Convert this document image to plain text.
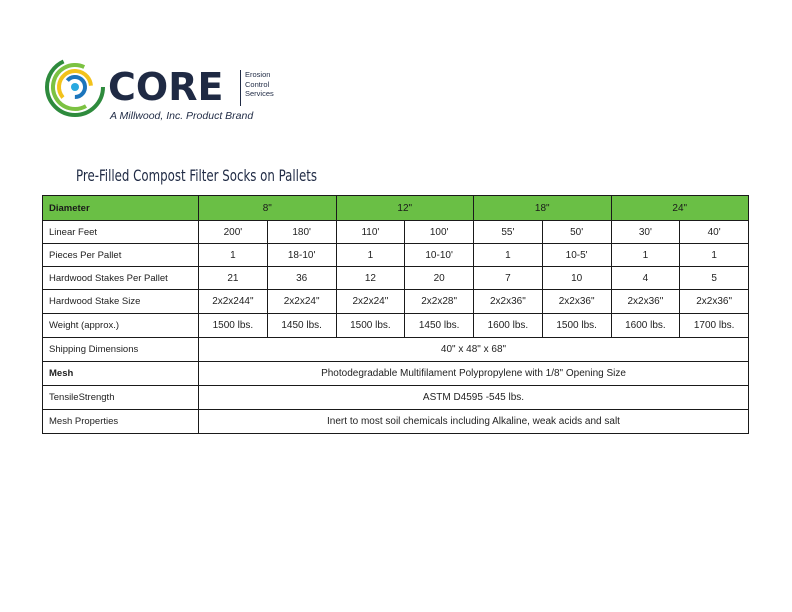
CORE	Erosion
Control
Services
A Millwood, Inc. Product Brand
Pre-Filled Compost Filter Socks on Pallets
Diameter	8"		12"		18"		24"	
Linear Feet	200'	180'	110'	100'	55'	50'	30'	40'
Pieces Per Pallet	1	18-10'	1	10-10'	1	10-5'	1	1
Hardwood Stakes Per Pallet	21	36	12	20	7	10	4	5
Hardwood Stake Size	2x2x244"	2x2x24"	2x2x24"	2x2x28"	2x2x36"	2x2x36"	2x2x36"	2x2x36"
Weight (approx.)	1500 lbs.	1450 lbs.	1500 lbs.	1450 lbs.	1600 lbs.	1500 lbs.	1600 lbs.	1700 lbs.
Shipping Dimensions	40" x 48" x 68"							
Mesh	Photodegradable Multifilament Polypropylene with 1/8" Opening Size							
TensileStrength	ASTM D4595 -545 lbs.							
Mesh Properties	Inert to most soil chemicals including Alkaline, weak acids and salt							
